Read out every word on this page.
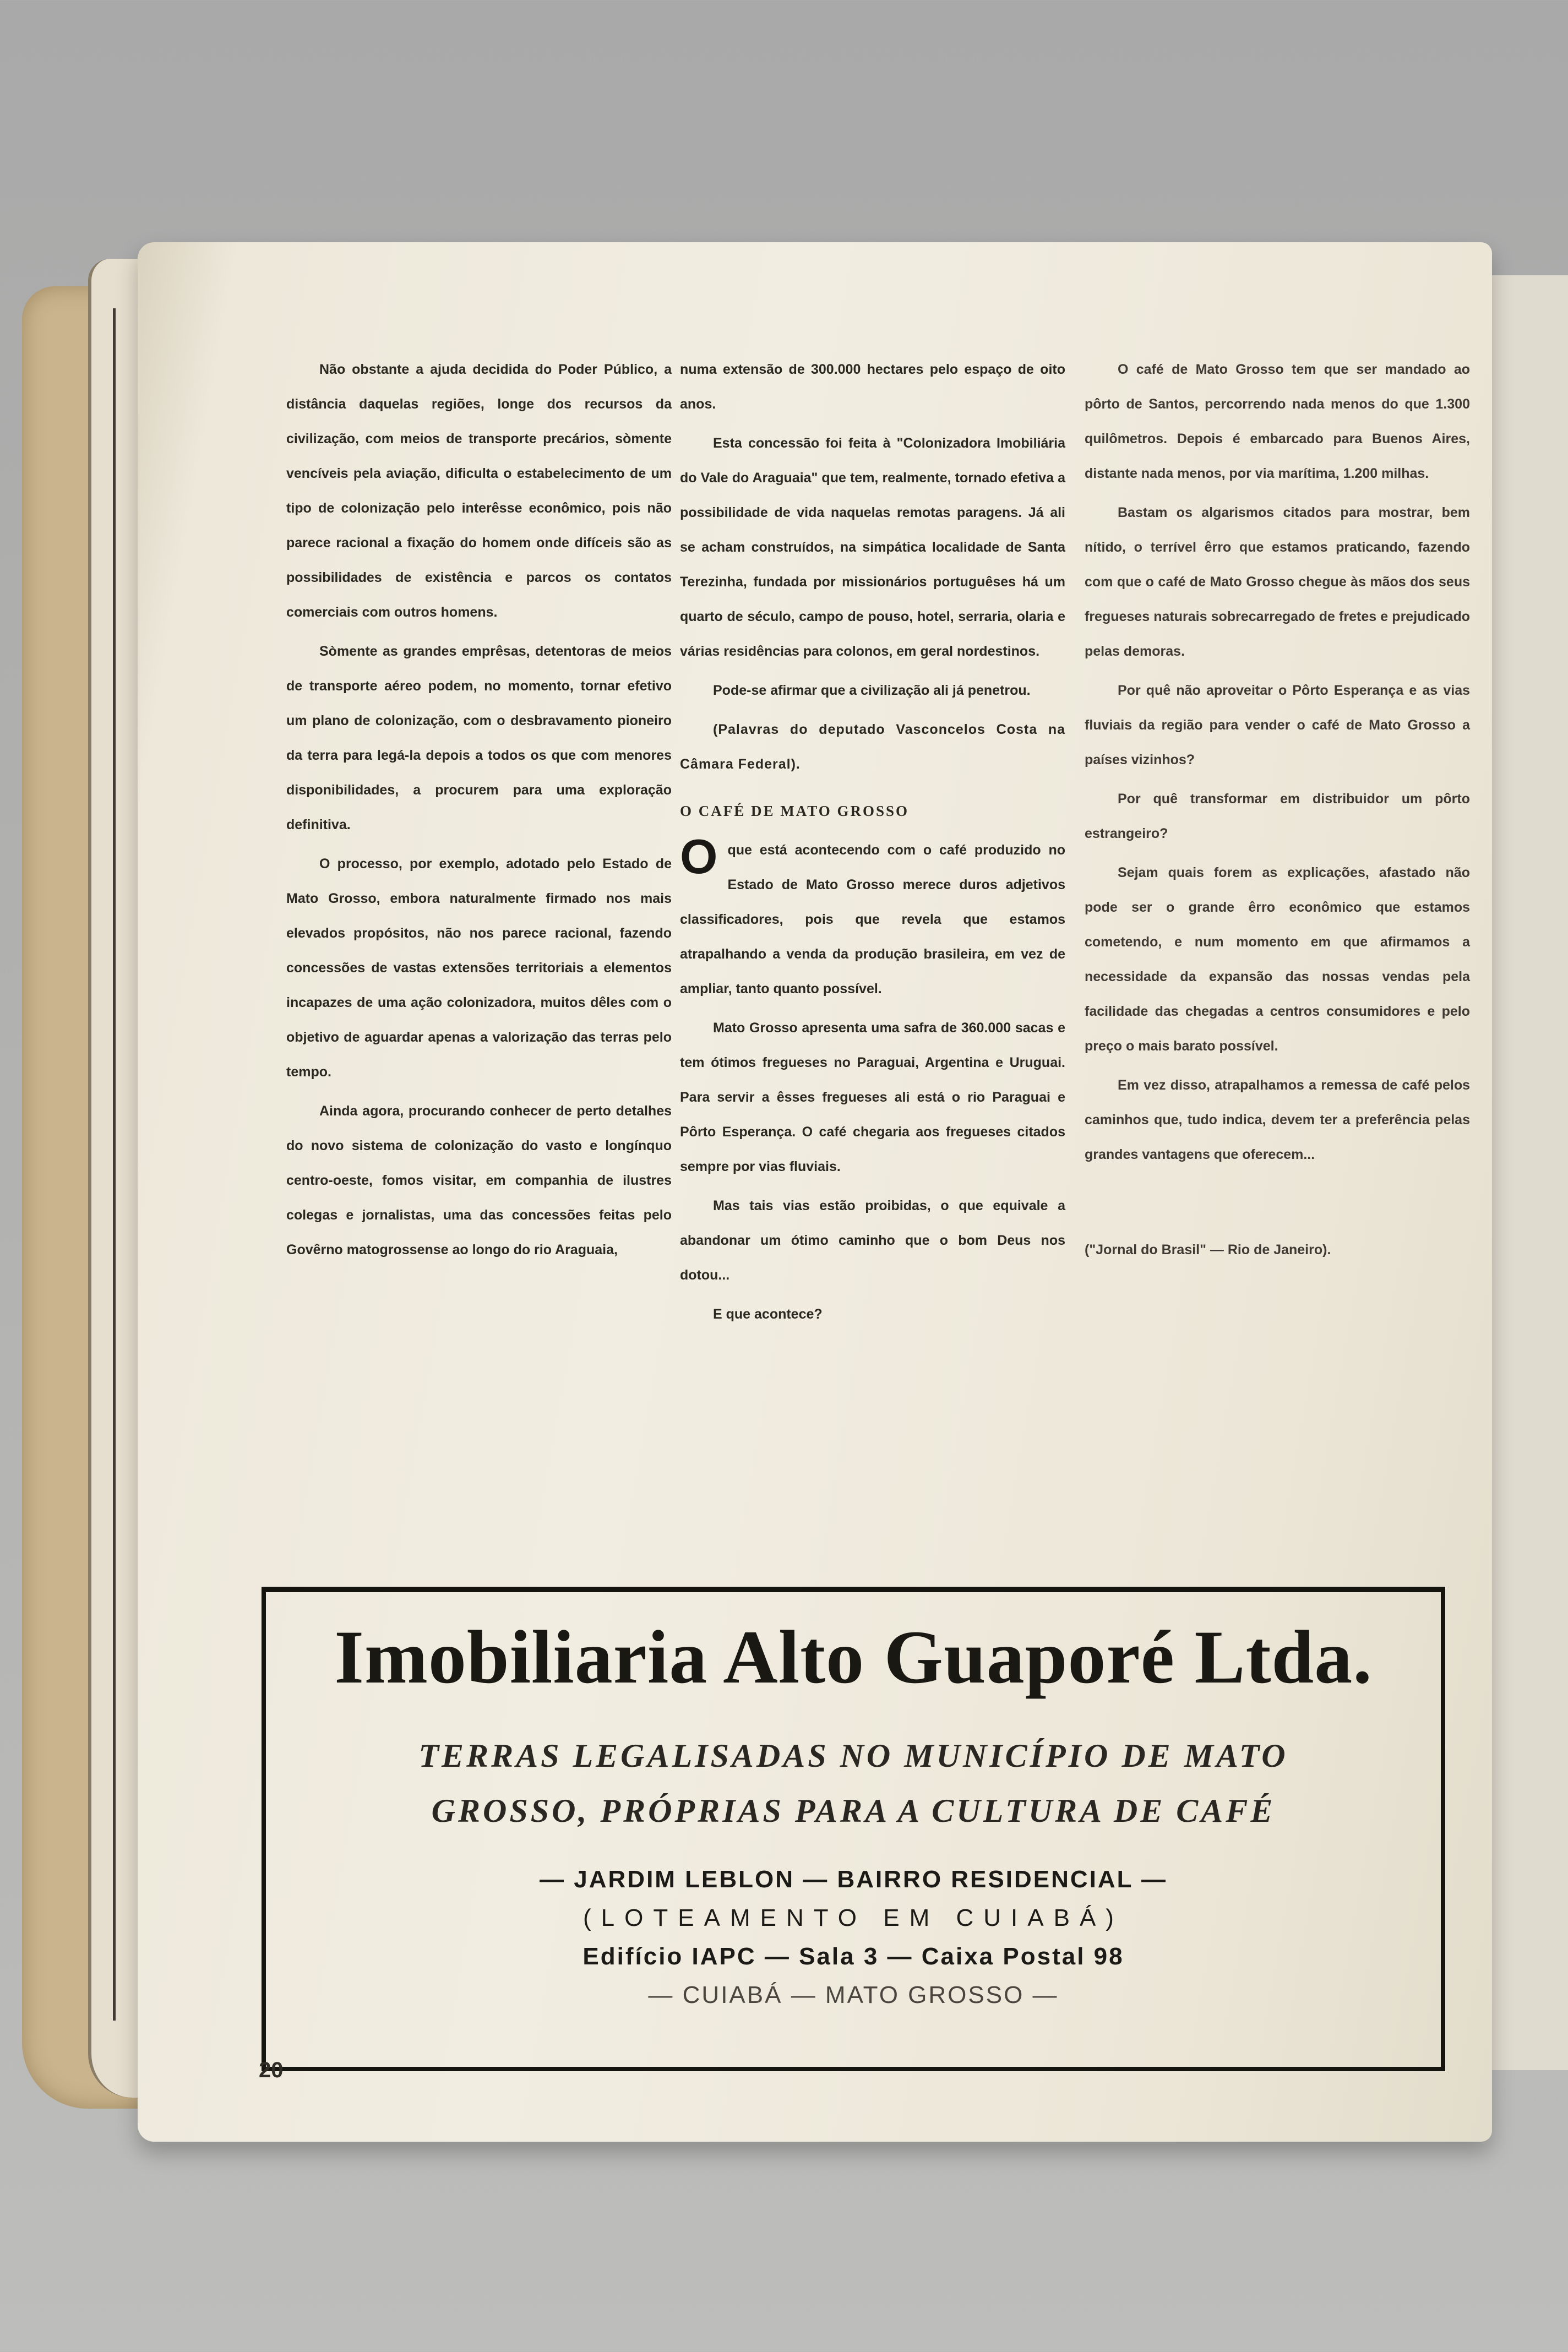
Não obstante a ajuda decidida do Poder Público, a distância daquelas regiões, longe dos recursos da civilização, com meios de transporte precários, sòmente vencíveis pela aviação, dificulta o estabelecimento de um tipo de colonização pelo interêsse econômico, pois não parece racional a fixação do homem onde difíceis são as possibilidades de existência e parcos os contatos comerciais com outros homens.

Sòmente as grandes emprêsas, detentoras de meios de transporte aéreo podem, no momento, tornar efetivo um plano de colonização, com o desbravamento pioneiro da terra para legá-la depois a todos os que com menores disponibilidades, a procurem para uma exploração definitiva.

O processo, por exemplo, adotado pelo Estado de Mato Grosso, embora naturalmente firmado nos mais elevados propósitos, não nos parece racional, fazendo concessões de vastas extensões territoriais a elementos incapazes de uma ação colonizadora, muitos dêles com o objetivo de aguardar apenas a valorização das terras pelo tempo.

Ainda agora, procurando conhecer de perto detalhes do novo sistema de colonização do vasto e longínquo centro-oeste, fomos visitar, em companhia de ilustres colegas e jornalistas, uma das concessões feitas pelo Govêrno matogrossense ao longo do rio Araguaia,

numa extensão de 300.000 hectares pelo espaço de oito anos.

Esta concessão foi feita à "Colonizadora Imobiliária do Vale do Araguaia" que tem, realmente, tornado efetiva a possibilidade de vida naquelas remotas paragens. Já ali se acham construídos, na simpática localidade de Santa Terezinha, fundada por missionários portuguêses há um quarto de século, campo de pouso, hotel, serraria, olaria e várias residências para colonos, em geral nordestinos.

Pode-se afirmar que a civilização ali já penetrou.

(Palavras do deputado Vasconcelos Costa na Câmara Federal).

O CAFÉ DE MATO GROSSO

Oque está acontecendo com o café produzido no Estado de Mato Grosso merece duros adjetivos classificadores, pois que revela que estamos atrapalhando a venda da produção brasileira, em vez de ampliar, tanto quanto possível.

Mato Grosso apresenta uma safra de 360.000 sacas e tem ótimos fregueses no Paraguai, Argentina e Uruguai. Para servir a êsses fregueses ali está o rio Paraguai e Pôrto Esperança. O café chegaria aos fregueses citados sempre por vias fluviais.

Mas tais vias estão proibidas, o que equivale a abandonar um ótimo caminho que o bom Deus nos dotou...

E que acontece?

O café de Mato Grosso tem que ser mandado ao pôrto de Santos, percorrendo nada menos do que 1.300 quilômetros. Depois é embarcado para Buenos Aires, distante nada menos, por via marítima, 1.200 milhas.

Bastam os algarismos citados para mostrar, bem nítido, o terrível êrro que estamos praticando, fazendo com que o café de Mato Grosso chegue às mãos dos seus fregueses naturais sobrecarregado de fretes e prejudicado pelas demoras.

Por quê não aproveitar o Pôrto Esperança e as vias fluviais da região para vender o café de Mato Grosso a países vizinhos?

Por quê transformar em distribuidor um pôrto estrangeiro?

Sejam quais forem as explicações, afastado não pode ser o grande êrro econômico que estamos cometendo, e num momento em que afirmamos a necessidade da expansão das nossas vendas pela facilidade das chegadas a centros consumidores e pelo preço o mais barato possível.

Em vez disso, atrapalhamos a remessa de café pelos caminhos que, tudo indica, devem ter a preferência pelas grandes vantagens que oferecem...

("Jornal do Brasil" — Rio de Janeiro).

Imobiliaria Alto Guaporé Ltda.
TERRAS LEGALISADAS NO MUNICÍPIO DE MATO
GROSSO, PRÓPRIAS PARA A CULTURA DE CAFÉ
— JARDIM LEBLON — BAIRRO RESIDENCIAL —
(LOTEAMENTO EM CUIABÁ)
Edifício IAPC — Sala 3 — Caixa Postal 98
— CUIABÁ — MATO GROSSO —
20
